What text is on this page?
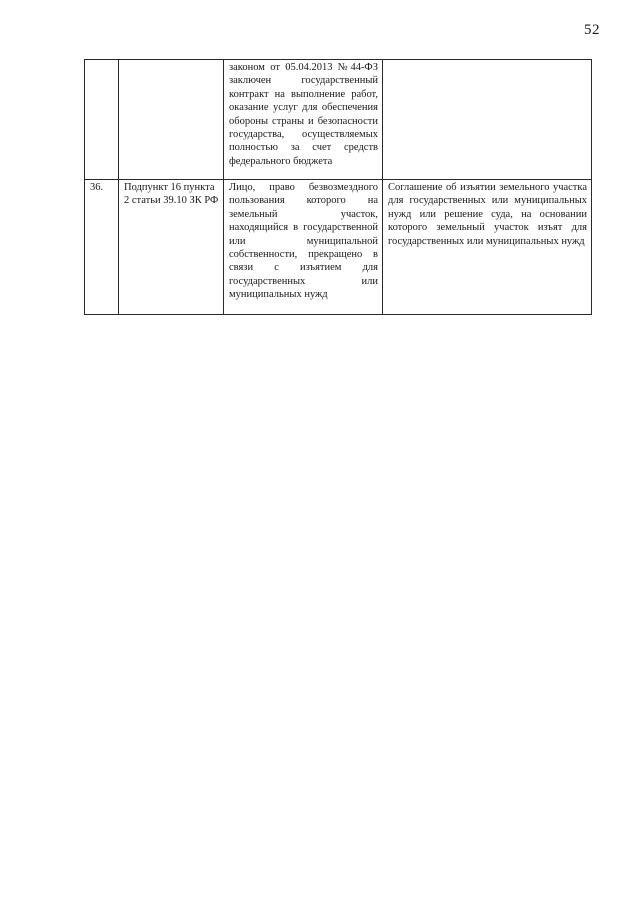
52
		законом от 05.04.2013 №44-ФЗ заключен государственный контракт на выполнение работ, оказание услуг для обеспечения обороны страны и безопасности государства, осуществляемых полностью за счет средств федерального бюджета	
36.	Подпункт 16 пункта 2 статьи 39.10 ЗК РФ	Лицо, право безвозмездного пользования которого на земельный участок, находящийся в государственной или муниципальной собственности, прекращено в связи с изъятием для государственных или муниципальных нужд	Соглашение об изъятии земельного участка для государственных или муниципальных нужд или решение суда, на основании которого земельный участок изъят для государственных или муниципальных нужд
